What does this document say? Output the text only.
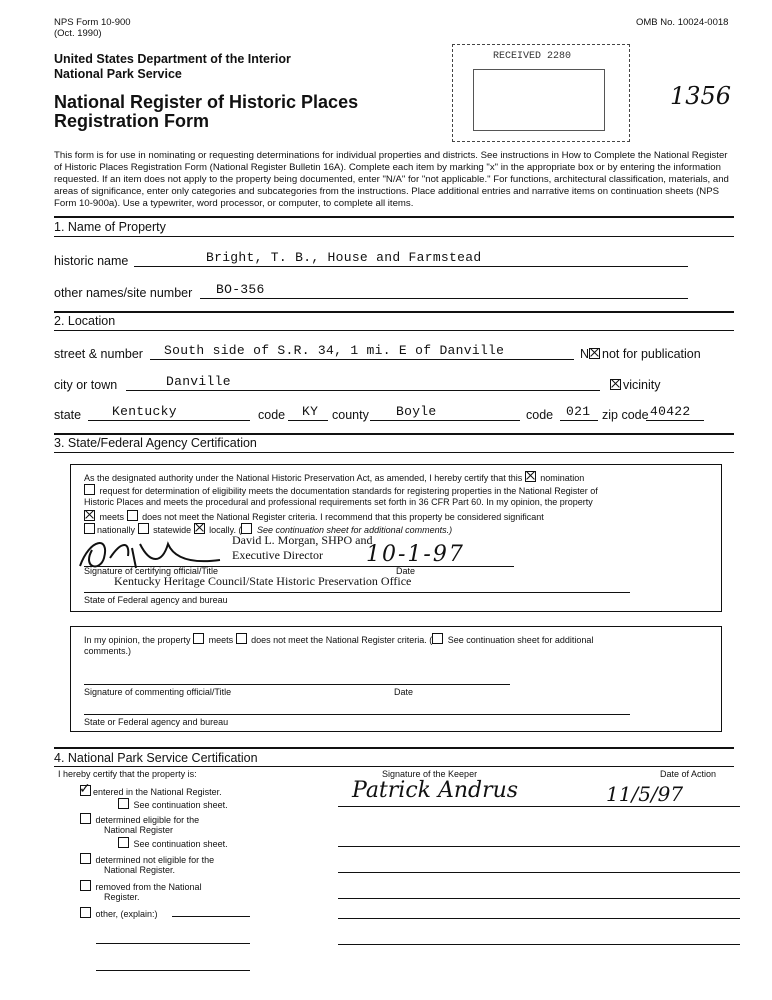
NPS Form 10-900
(Oct. 1990)
OMB No. 10024-0018
United States Department of the Interior
National Park Service
National Register of Historic Places
Registration Form
RECEIVED 2280
1356
This form is for use in nominating or requesting determinations for individual properties and districts. See instructions in How to Complete the National Register of Historic Places Registration Form (National Register Bulletin 16A). Complete each item by marking "x" in the appropriate box or by entering the information requested. If an item does not apply to the property being documented, enter "N/A" for "not applicable." For functions, architectural classification, materials, and areas of significance, enter only categories and subcategories from the instructions. Place additional entries and narrative items on continuation sheets (NPS Form 10-900a). Use a typewriter, word processor, or computer, to complete all items.
1. Name of Property
historic name	Bright, T. B., House and Farmstead
other names/site number BO-356
2. Location
street & number South side of S.R. 34, 1 mi. E of Danville	N not for publication
city or town	Danville	vicinity
state Kentucky	code KY county Boyle	code 021 zip code 40422
3. State/Federal Agency Certification
As the designated authority under the National Historic Preservation Act, as amended, I hereby certify that this nomination
request for determination of eligibility meets the documentation standards for registering properties in the National Register of
Historic Places and meets the procedural and professional requirements set forth in 36 CFR Part 60. In my opinion, the property
meets does not meet the National Register criteria. I recommend that this property be considered significant
nationally statewide locally. ( See continuation sheet for additional comments.)
David L. Morgan, SHPO and
Executive Director 10-1-97
Signature of certifying official/Title	Date
Kentucky Heritage Council/State Historic Preservation Office
State of Federal agency and bureau
In my opinion, the property meets does not meet the National Register criteria. ( See continuation sheet for additional
comments.)
Signature of commenting official/Title	Date
State or Federal agency and bureau
4. National Park Service Certification
I hereby certify that the property is:	Signature of the Keeper	Date of Action
✓ entered in the National Register.
See continuation sheet.
determined eligible for the
National Register
See continuation sheet.
determined not eligible for the
National Register.
removed from the National
Register.
other, (explain:)
Patrick Andrus	11/5/97
